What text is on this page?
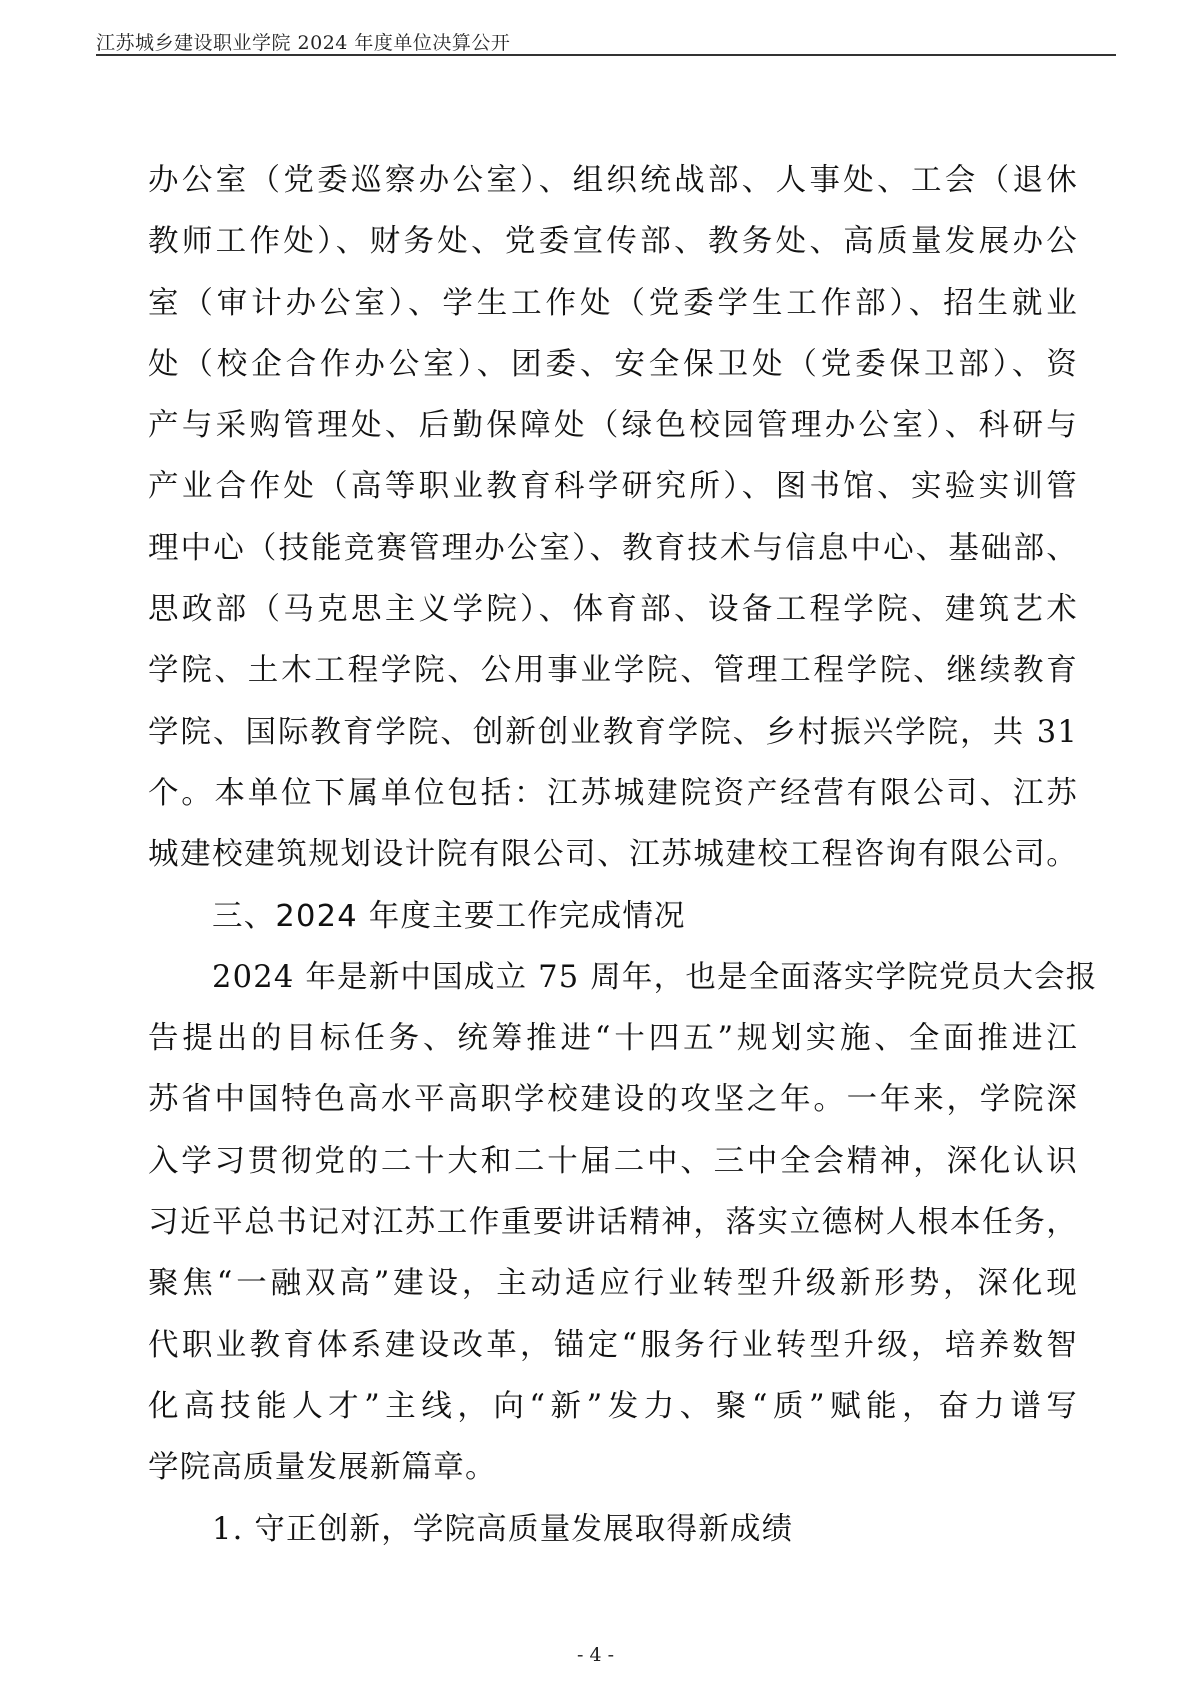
江苏城乡建设职业学院 2024 年度单位决算公开
办公室（党委巡察办公室）、组织统战部、人事处、工会（退休
教师工作处）、财务处、党委宣传部、教务处、高质量发展办公
室（审计办公室）、学生工作处（党委学生工作部）、招生就业
处（校企合作办公室）、团委、安全保卫处（党委保卫部）、资
产与采购管理处、后勤保障处（绿色校园管理办公室）、科研与
产业合作处（高等职业教育科学研究所）、图书馆、实验实训管
理中心（技能竞赛管理办公室）、教育技术与信息中心、基础部、
思政部（马克思主义学院）、体育部、设备工程学院、建筑艺术
学院、土木工程学院、公用事业学院、管理工程学院、继续教育
学院、国际教育学院、创新创业教育学院、乡村振兴学院，共 31
个。本单位下属单位包括：江苏城建院资产经营有限公司、江苏
城建校建筑规划设计院有限公司、江苏城建校工程咨询有限公司。
三、2024 年度主要工作完成情况
2024 年是新中国成立 75 周年，也是全面落实学院党员大会报
告提出的目标任务、统筹推进“十四五”规划实施、全面推进江
苏省中国特色高水平高职学校建设的攻坚之年。一年来，学院深
入学习贯彻党的二十大和二十届二中、三中全会精神，深化认识
习近平总书记对江苏工作重要讲话精神，落实立德树人根本任务，
聚焦“一融双高”建设，主动适应行业转型升级新形势，深化现
代职业教育体系建设改革，锚定“服务行业转型升级，培养数智
化高技能人才”主线，向“新”发力、聚“质”赋能，奋力谱写
学院高质量发展新篇章。
1. 守正创新，学院高质量发展取得新成绩
- 4 -
